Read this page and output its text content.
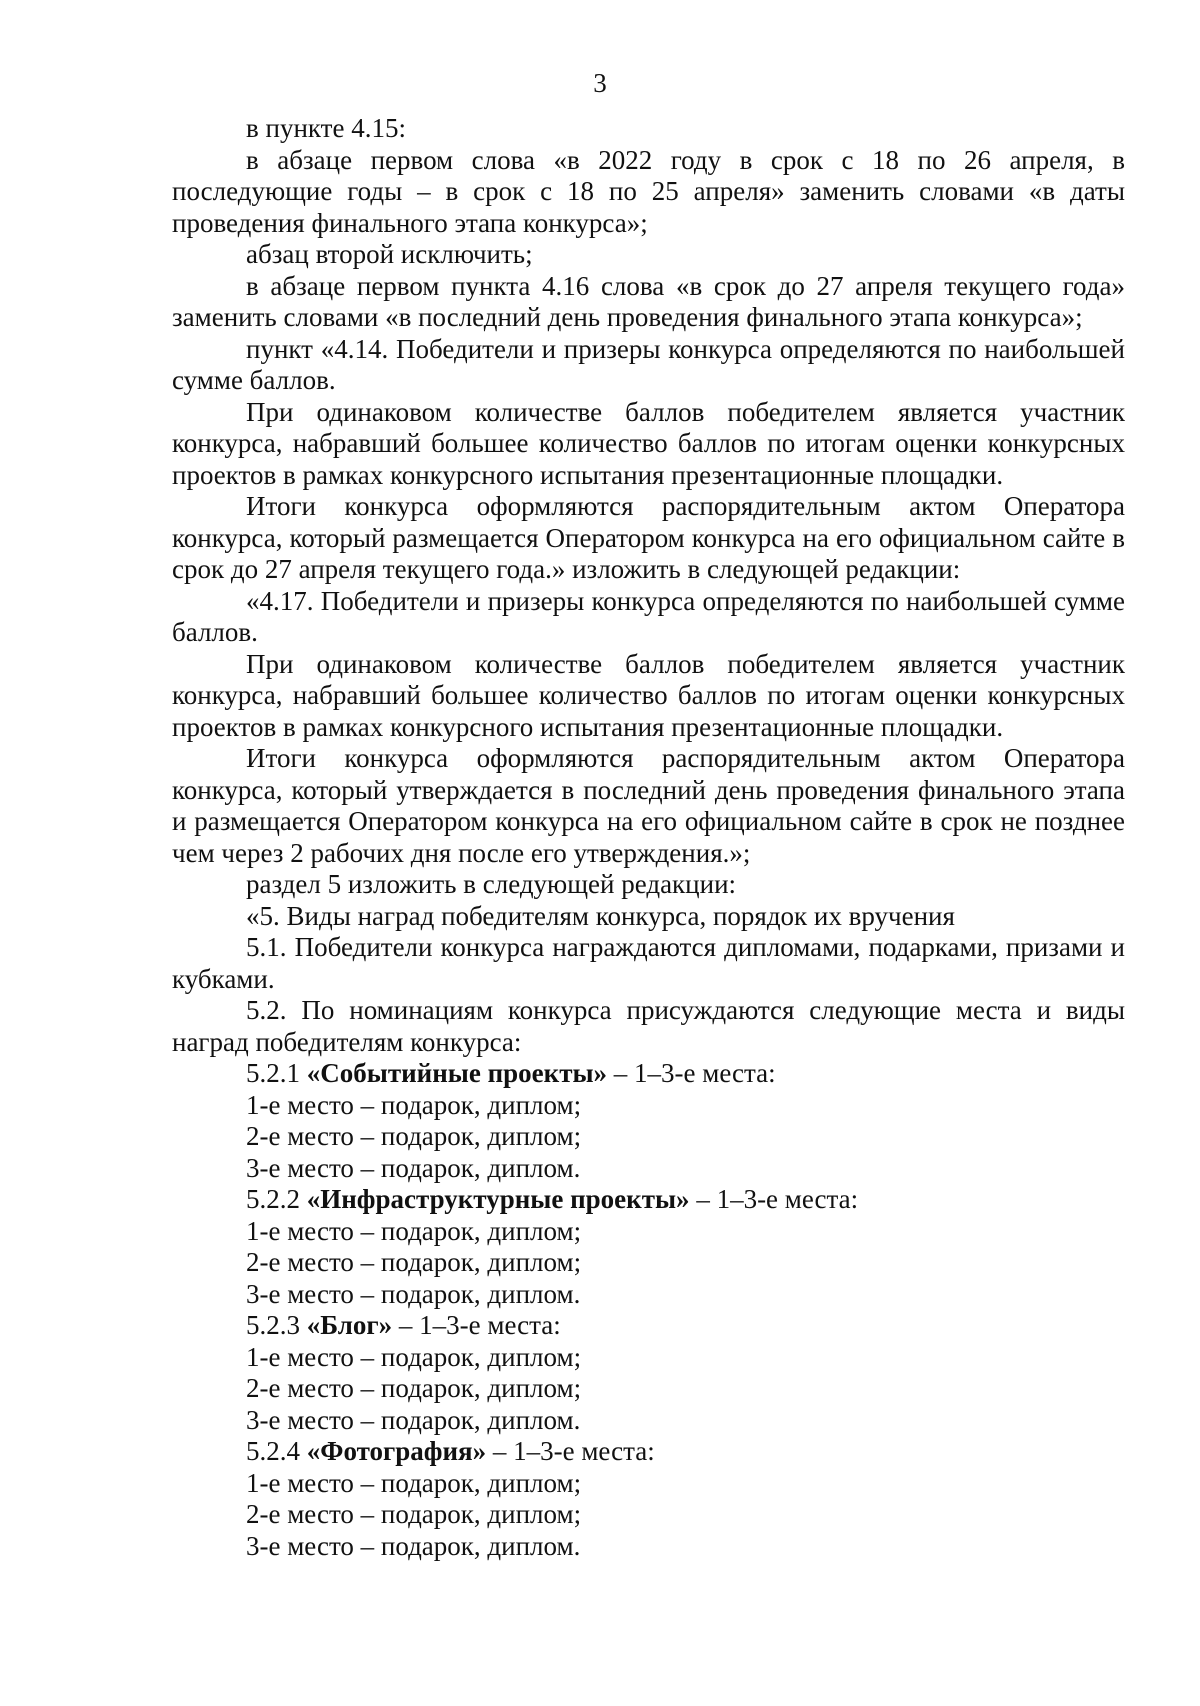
3

в пункте 4.15:

в абзаце первом слова «в 2022 году в срок с 18 по 26 апреля, в последующие годы – в срок с 18 по 25 апреля» заменить словами «в даты проведения финального этапа конкурса»;

абзац второй исключить;

в абзаце первом пункта 4.16 слова «в срок до 27 апреля текущего года» заменить словами «в последний день проведения финального этапа конкурса»;

пункт «4.14. Победители и призеры конкурса определяются по наибольшей сумме баллов.

При одинаковом количестве баллов победителем является участник конкурса, набравший большее количество баллов по итогам оценки конкурсных проектов в рамках конкурсного испытания презентационные площадки.

Итоги конкурса оформляются распорядительным актом Оператора конкурса, который размещается Оператором конкурса на его официальном сайте в срок до 27 апреля текущего года.» изложить в следующей редакции:

«4.17. Победители и призеры конкурса определяются по наибольшей сумме баллов.

При одинаковом количестве баллов победителем является участник конкурса, набравший большее количество баллов по итогам оценки конкурсных проектов в рамках конкурсного испытания презентационные площадки.

Итоги конкурса оформляются распорядительным актом Оператора конкурса, который утверждается в последний день проведения финального этапа и размещается Оператором конкурса на его официальном сайте в срок не позднее чем через 2 рабочих дня после его утверждения.»;

раздел 5 изложить в следующей редакции:

«5. Виды наград победителям конкурса, порядок их вручения

5.1. Победители конкурса награждаются дипломами, подарками, призами и кубками.

5.2. По номинациям конкурса присуждаются следующие места и виды наград победителям конкурса:

5.2.1 «Событийные проекты» – 1–3-е места:

1-е место – подарок, диплом;

2-е место – подарок, диплом;

3-е место – подарок, диплом.

5.2.2 «Инфраструктурные проекты» – 1–3-е места:

1-е место – подарок, диплом;

2-е место – подарок, диплом;

3-е место – подарок, диплом.

5.2.3 «Блог» – 1–3-е места:

1-е место – подарок, диплом;

2-е место – подарок, диплом;

3-е место – подарок, диплом.

5.2.4 «Фотография» – 1–3-е места:

1-е место – подарок, диплом;

2-е место – подарок, диплом;

3-е место – подарок, диплом.
